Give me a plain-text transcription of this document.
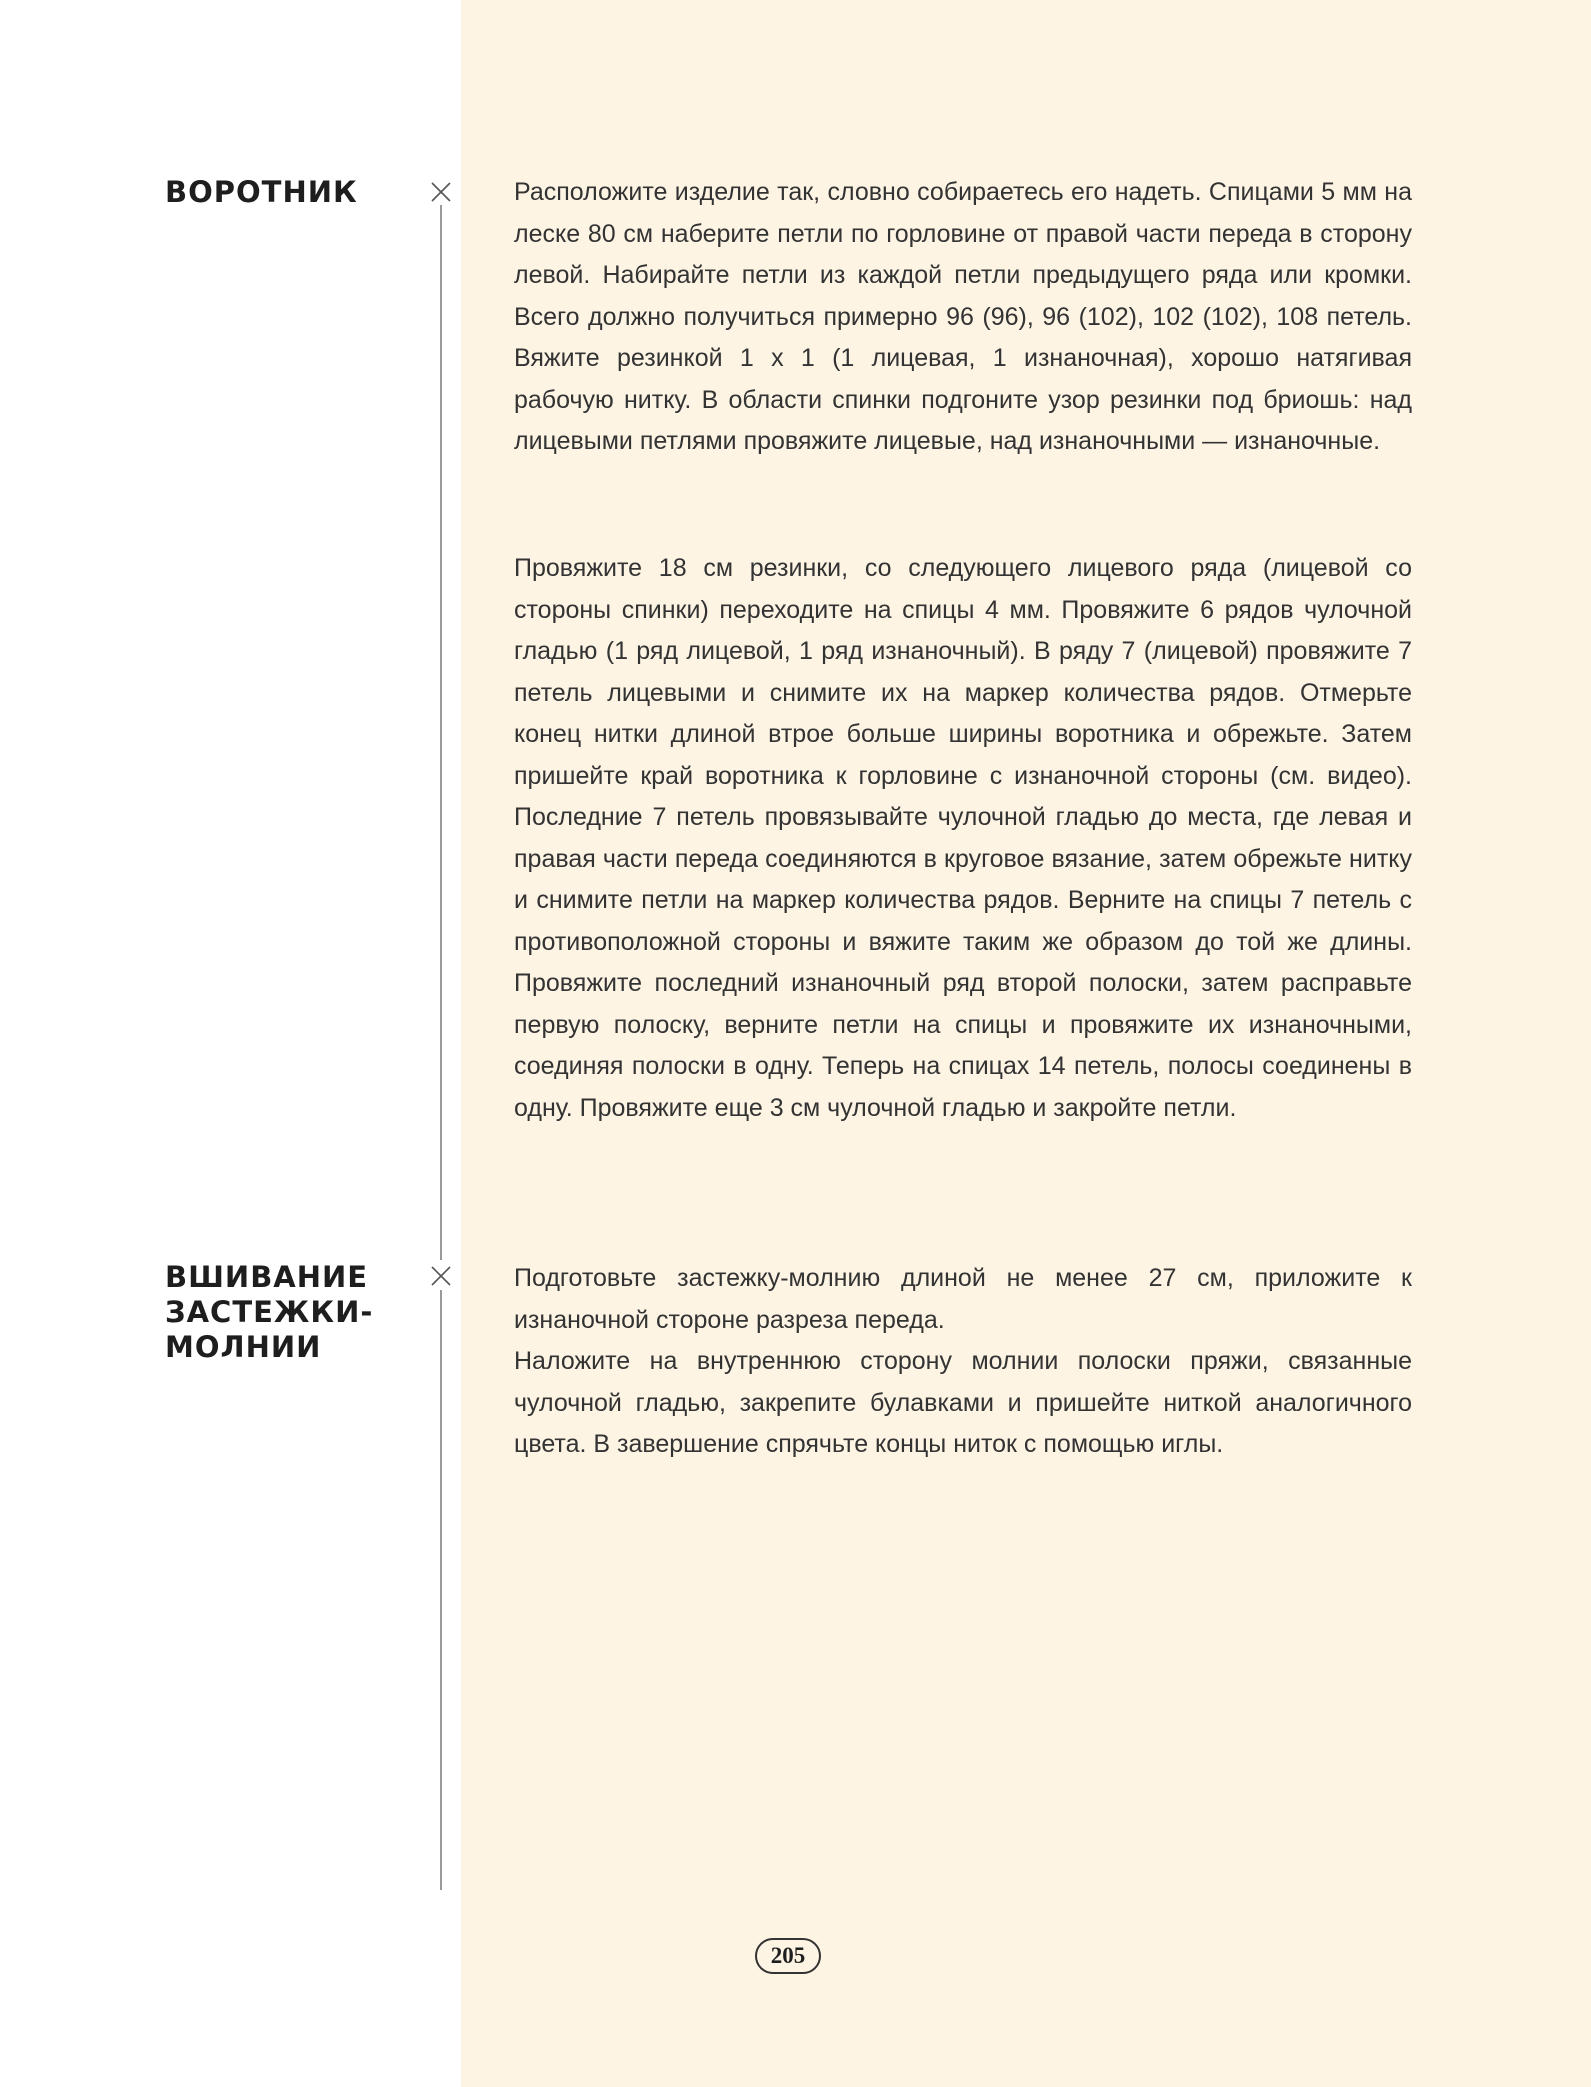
ВОРОТНИК	Расположите изделие так, словно собираетесь его надеть. Спицами 5 мм на леске 80 см наберите петли по горловине от правой части переда в сторону левой. Набирайте петли из каждой петли предыдущего ряда или кромки. Всего должно получиться примерно 96 (96), 96 (102), 102 (102), 108 петель. Вяжите резинкой 1 х 1 (1 лицевая, 1 изнаночная), хорошо натягивая рабочую нитку. В области спинки подгоните узор резинки под бриошь: над лицевыми петлями провяжите лицевые, над изнаночными — изнаночные.

Провяжите 18 см резинки, со следующего лицевого ряда (лицевой со стороны спинки) переходите на спицы 4 мм. Провяжите 6 рядов чулочной гладью (1 ряд лицевой, 1 ряд изнаночный). В ряду 7 (лицевой) провяжите 7 петель лицевыми и снимите их на маркер количества рядов. Отмерьте конец нитки длиной втрое больше ширины воротника и обрежьте. Затем пришейте край воротника к горловине с изнаночной стороны (см. видео). Последние 7 петель провязывайте чулочной гладью до места, где левая и правая части переда соединяются в круговое вязание, затем обрежьте нитку и снимите петли на маркер количества рядов. Верните на спицы 7 петель с противоположной стороны и вяжите таким же образом до той же длины. Провяжите последний изнаночный ряд второй полоски, затем расправьте первую полоску, верните петли на спицы и провяжите их изнаночными, соединяя полоски в одну. Теперь на спицах 14 петель, полосы соединены в одну. Провяжите еще 3 см чулочной гладью и закройте петли.

ВШИВАНИЕ ЗАСТЕЖКИ-МОЛНИИ

Подготовьте застежку-молнию длиной не менее 27 см, приложите к изнаночной стороне разреза переда.

Наложите на внутреннюю сторону молнии полоски пряжи, связанные чулочной гладью, закрепите булавками и пришейте ниткой аналогичного цвета. В завершение спрячьте концы ниток с помощью иглы.

205
